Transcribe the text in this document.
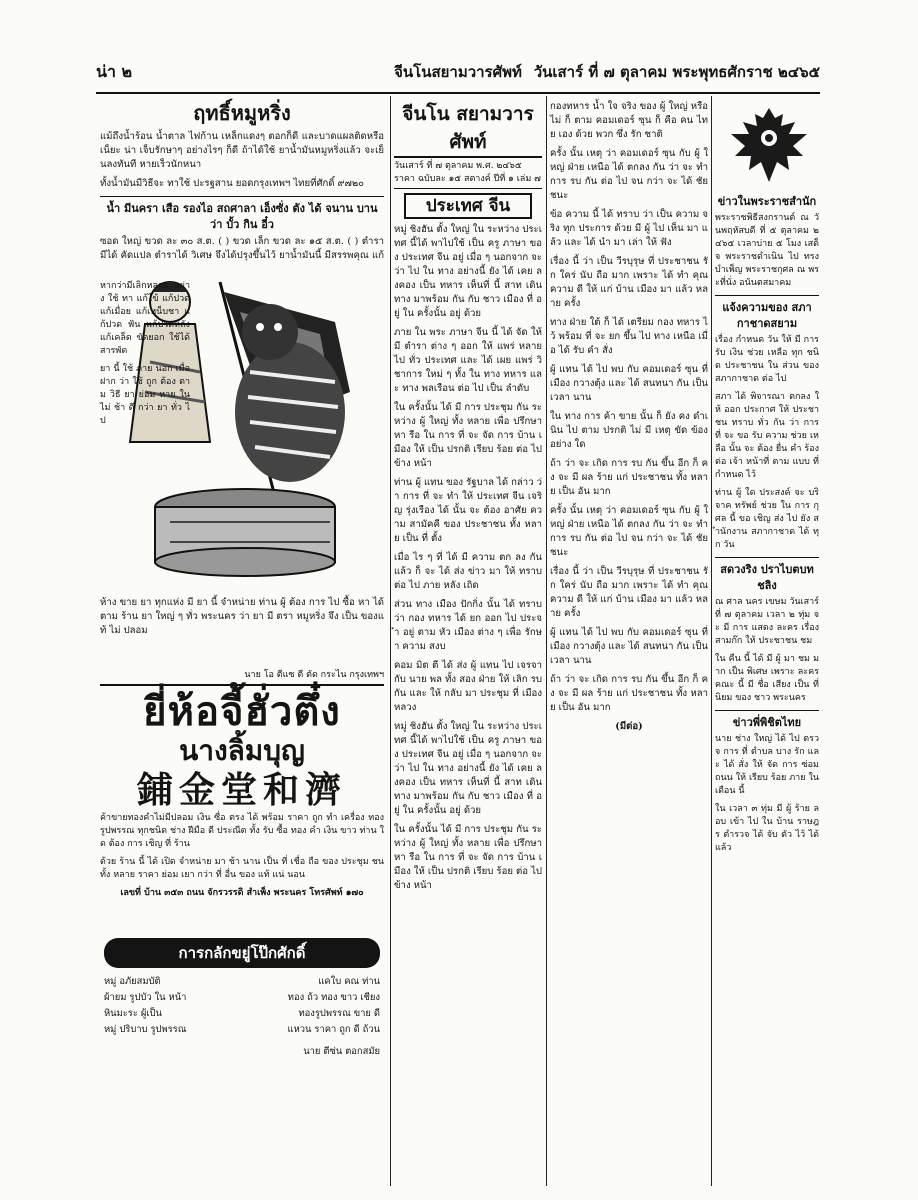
น่า ๒	จีนโนสยามวารศัพท์ วันเสาร์ ที่ ๗ ตุลาคม พระพุทธศักราช ๒๔๖๕
ฤทธิ์หมูหริ่ง

แม้ถึงน้ำร้อน น้ำตาล ไฟก้าน เหล็กแดงๆ ตอกก็ดี และบาดแผลติดหรือ เน็ยะ น่า เจ็บรักษาๆ อย่างไรๆ ก็ดี ถ้าได้ใช้ ยาน้ำมันหมูหริ่งแล้ว จะเย็นลงทันที หายเร็วนักหนา

ทั้งน้ำมันมีวิธีจะ ทาใช้ ปะรฐสาน ยอดกรุงเทพฯ ไทยที่ศักดิ์ ๙๗๒๐

น้ำ มีนครา เสือ รองไอ สถศาลา เอ็งซั่ง ตัง ได้ จนาน บาน ว่า บั้ว กิน อี๋ว

ซอด ใหญ่ ขวด ละ ๓๐ ส.ต. ( ) ขวด เล็ก ขวด ละ ๑๕ ส.ต. ( ) ตำรา มีได้ คัดแปล ตำราได้ วิเศษ จึงได้ปรุงขึ้นไว้ ยาน้ำมันนี้ มีสรรพคุณ แก้

หากว่ามีเลิกหลาย อย่าง ใช้ ทา แก้ไข้ แก้ปวด แก้เมื่อย แก้เหน็บชา แก้ปวด ฟัน แก้ปวดหลัง แก้เคล็ด ขัดยอก ใช้ได้ สารพัด

ยา นี้ ใช้ ภาย นอก เมื่อ ฝาก ว่า ใช้ ถูก ต้อง ตาม วิธี ยา ย่อม หาย ใน ไม่ ช้า ดี กว่า ยา ทั่ว ไป

ห้าง ขาย ยา ทุกแห่ง มี ยา นี้ จำหน่าย ท่าน ผู้ ต้อง การ ไป ซื้อ หา ได้ ตาม ร้าน ยา ใหญ่ ๆ ทั่ว พระนคร ว่า ยา มี ตรา หมูหริ่ง จึง เป็น ของแท้ ไม่ ปลอม

นาย โอ ตีแซ ตี ตัด กระไน กรุงเทพฯ
ยี่ห้อจี้ฮั่วตึ๋ง
นางลิ้มบุญ
鋪金堂和濟

ค้าขายทองคำไม่มีปลอม เงิน ซื่อ ตรง ได้ พร้อม ราคา ถูก ทำ เครื่อง ทอง รูปพรรณ ทุกชนิด ช่าง ฝีมือ ดี ประณีต ทั้ง รับ ซื้อ ทอง คำ เงิน ขาว ท่าน ใด ต้อง การ เชิญ ที่ ร้าน

ด้วย ร้าน นี้ ได้ เปิด จำหน่าย มา ช้า นาน เป็น ที่ เชื่อ ถือ ของ ประชุม ชน ทั้ง หลาย ราคา ย่อม เยา กว่า ที่ อื่น ของ แท้ แน่ นอน

เลขที่ บ้าน ๓๕๓ ถนน จักรวรรดิ สำเพ็ง พระนคร โทรศัพท์ ๑๗๐

การกลักขยู่โป๊กศักดิ์
หมู่ อภัยสมบัติ	แคใบ คณ ท่าน
ผ้ายม รูปบัว ใน หน้า	ทอง ถ้ว ทอง ขาว เชียง
หินมะระ ผู้เป็น	ทองรูปพรรณ ขาย ดี
หมู่ ปริบาบ รูปพรรณ	แหวน ราคา ถูก ดี ถ้วน
นาย ตีซ่น ตอกสมัย
จีนโน สยามวารศัพท์
วันเสาร์ ที่ ๗ ตุลาคม พ.ศ. ๒๔๖๕ ราคา ฉบับละ ๑๕ สตางค์ ปีที่ ๑ เล่ม ๗
ประเทศ จีน

หมู่ ชิงฮัน ตั้ง ใหญ่ ใน ระหว่าง ประเทศ นี้ได้ พาไปใช้ เป็น ครู ภาษา ของ ประเทศ จีน อยู่ เมื่อ ๆ นอกจาก จะ ว่า ไป ใน ทาง อย่างนี้ ยัง ได้ เคย ลงคอง เป็น ทหาร เห็นที่ นี้ สาท เดิน ทาง มาพร้อม กัน กับ ชาว เมือง ที่ อยู่ ใน ครั้งนั้น อยู่ ด้วย

ภาย ใน พระ ภาษา จีน นี้ ได้ จัด ให้ มี ตำรา ต่าง ๆ ออก ให้ แพร่ หลาย ไป ทั่ว ประเทศ และ ได้ เผย แพร่ วิชาการ ใหม่ ๆ ทั้ง ใน ทาง ทหาร และ ทาง พลเรือน ต่อ ไป เป็น ลำดับ

ใน ครั้งนั้น ได้ มี การ ประชุม กัน ระหว่าง ผู้ ใหญ่ ทั้ง หลาย เพื่อ ปรึกษา หา รือ ใน การ ที่ จะ จัด การ บ้าน เมือง ให้ เป็น ปรกติ เรียบ ร้อย ต่อ ไป ข้าง หน้า

ท่าน ผู้ แทน ของ รัฐบาล ได้ กล่าว ว่า การ ที่ จะ ทำ ให้ ประเทศ จีน เจริญ รุ่งเรือง ได้ นั้น จะ ต้อง อาศัย ความ สามัคคี ของ ประชาชน ทั้ง หลาย เป็น ที่ ตั้ง

เมื่อ ไร ๆ ที่ ได้ มี ความ ตก ลง กัน แล้ว ก็ จะ ได้ ส่ง ข่าว มา ให้ ทราบ ต่อ ไป ภาย หลัง เถิด

ส่วน ทาง เมือง ปักกิ่ง นั้น ได้ ทราบ ว่า กอง ทหาร ได้ ยก ออก ไป ประจำ อยู่ ตาม หัว เมือง ต่าง ๆ เพื่อ รักษา ความ สงบ

คอม มิต ตี ได้ ส่ง ผู้ แทน ไป เจรจา กับ นาย พล ทั้ง สอง ฝ่าย ให้ เลิก รบ กัน และ ให้ กลับ มา ประชุม ที่ เมือง หลวง

หมู่ ชิงฮัน ตั้ง ใหญ่ ใน ระหว่าง ประเทศ นี้ได้ พาไปใช้ เป็น ครู ภาษา ของ ประเทศ จีน อยู่ เมื่อ ๆ นอกจาก จะ ว่า ไป ใน ทาง อย่างนี้ ยัง ได้ เคย ลงคอง เป็น ทหาร เห็นที่ นี้ สาท เดิน ทาง มาพร้อม กัน กับ ชาว เมือง ที่ อยู่ ใน ครั้งนั้น อยู่ ด้วย

ใน ครั้งนั้น ได้ มี การ ประชุม กัน ระหว่าง ผู้ ใหญ่ ทั้ง หลาย เพื่อ ปรึกษา หา รือ ใน การ ที่ จะ จัด การ บ้าน เมือง ให้ เป็น ปรกติ เรียบ ร้อย ต่อ ไป ข้าง หน้า

กองทหาร น้ำ ใจ จริง ของ ผู้ ใหญ่ หรือ ไม่ ก็ ตาม คอมเดอร์ ซุน ก็ คือ คน ไทย เอง ด้วย พวก ซึ่ง รัก ชาติ

ครั้ง นั้น เหตุ ว่า คอมเดอร์ ซุน กับ ผู้ ใหญ่ ฝ่าย เหนือ ได้ ตกลง กัน ว่า จะ ทำ การ รบ กัน ต่อ ไป จน กว่า จะ ได้ ชัย ชนะ

ข้อ ความ นี้ ได้ ทราบ ว่า เป็น ความ จริง ทุก ประการ ด้วย มี ผู้ ไป เห็น มา แล้ว และ ได้ นำ มา เล่า ให้ ฟัง

เรื่อง นี้ ว่า เป็น วีรบุรุษ ที่ ประชาชน รัก ใคร่ นับ ถือ มาก เพราะ ได้ ทำ คุณ ความ ดี ให้ แก่ บ้าน เมือง มา แล้ว หลาย ครั้ง

ทาง ฝ่าย ใต้ ก็ ได้ เตรียม กอง ทหาร ไว้ พร้อม ที่ จะ ยก ขึ้น ไป ทาง เหนือ เมื่อ ได้ รับ คำ สั่ง

ผู้ แทน ได้ ไป พบ กับ คอมเดอร์ ซุน ที่ เมือง กวางตุ้ง และ ได้ สนทนา กัน เป็น เวลา นาน

ใน ทาง การ ค้า ขาย นั้น ก็ ยัง คง ดำเนิน ไป ตาม ปรกติ ไม่ มี เหตุ ขัด ข้อง อย่าง ใด

ถ้า ว่า จะ เกิด การ รบ กัน ขึ้น อีก ก็ คง จะ มี ผล ร้าย แก่ ประชาชน ทั้ง หลาย เป็น อัน มาก

ครั้ง นั้น เหตุ ว่า คอมเดอร์ ซุน กับ ผู้ ใหญ่ ฝ่าย เหนือ ได้ ตกลง กัน ว่า จะ ทำ การ รบ กัน ต่อ ไป จน กว่า จะ ได้ ชัย ชนะ

เรื่อง นี้ ว่า เป็น วีรบุรุษ ที่ ประชาชน รัก ใคร่ นับ ถือ มาก เพราะ ได้ ทำ คุณ ความ ดี ให้ แก่ บ้าน เมือง มา แล้ว หลาย ครั้ง

ผู้ แทน ได้ ไป พบ กับ คอมเดอร์ ซุน ที่ เมือง กวางตุ้ง และ ได้ สนทนา กัน เป็น เวลา นาน

ถ้า ว่า จะ เกิด การ รบ กัน ขึ้น อีก ก็ คง จะ มี ผล ร้าย แก่ ประชาชน ทั้ง หลาย เป็น อัน มาก

(มีต่อ)

ข่าวในพระราชสำนัก

พระราชพิธีสงกรานต์ ณ วันพฤหัสบดี ที่ ๕ ตุลาคม ๒๔๖๕ เวลาบ่าย ๕ โมง เสด็จ พระราชดำเนิน ไป ทรง บำเพ็ญ พระราชกุศล ณ พระที่นั่ง อนันตสมาคม

แจ้งความของ สภากาชาดสยาม

เรื่อง กำหนด วัน ให้ มี การ รับ เงิน ช่วย เหลือ ทุก ชนิด ประชาชน ใน ส่วน ของ สภากาชาด ต่อ ไป

สภา ได้ พิจารณา ตกลง ให้ ออก ประกาศ ให้ ประชาชน ทราบ ทั่ว กัน ว่า การ ที่ จะ ขอ รับ ความ ช่วย เหลือ นั้น จะ ต้อง ยื่น คำ ร้อง ต่อ เจ้า หน้าที่ ตาม แบบ ที่ กำหนด ไว้

ท่าน ผู้ ใด ประสงค์ จะ บริจาค ทรัพย์ ช่วย ใน การ กุศล นี้ ขอ เชิญ ส่ง ไป ยัง สำนักงาน สภากาชาด ได้ ทุก วัน

สดวงริง ปราไบตบทชลิง

ณ ศาล นคร เขษม วันเสาร์ ที่ ๗ ตุลาคม เวลา ๒ ทุ่ม จะ มี การ แสดง ละคร เรื่อง สามก๊ก ให้ ประชาชน ชม

ใน คืน นี้ ได้ มี ผู้ มา ชม มาก เป็น พิเศษ เพราะ ละคร คณะ นี้ มี ชื่อ เสียง เป็น ที่ นิยม ของ ชาว พระนคร

ข่าวพี่พิชิตไทย

นาย ช่าง ใหญ่ ได้ ไป ตรวจ การ ที่ ตำบล บาง รัก และ ได้ สั่ง ให้ จัด การ ซ่อม ถนน ให้ เรียบ ร้อย ภาย ใน เดือน นี้

ใน เวลา ๓ ทุ่ม มี ผู้ ร้าย ลอบ เข้า ไป ใน บ้าน ราษฎร ตำรวจ ได้ จับ ตัว ไว้ ได้ แล้ว
